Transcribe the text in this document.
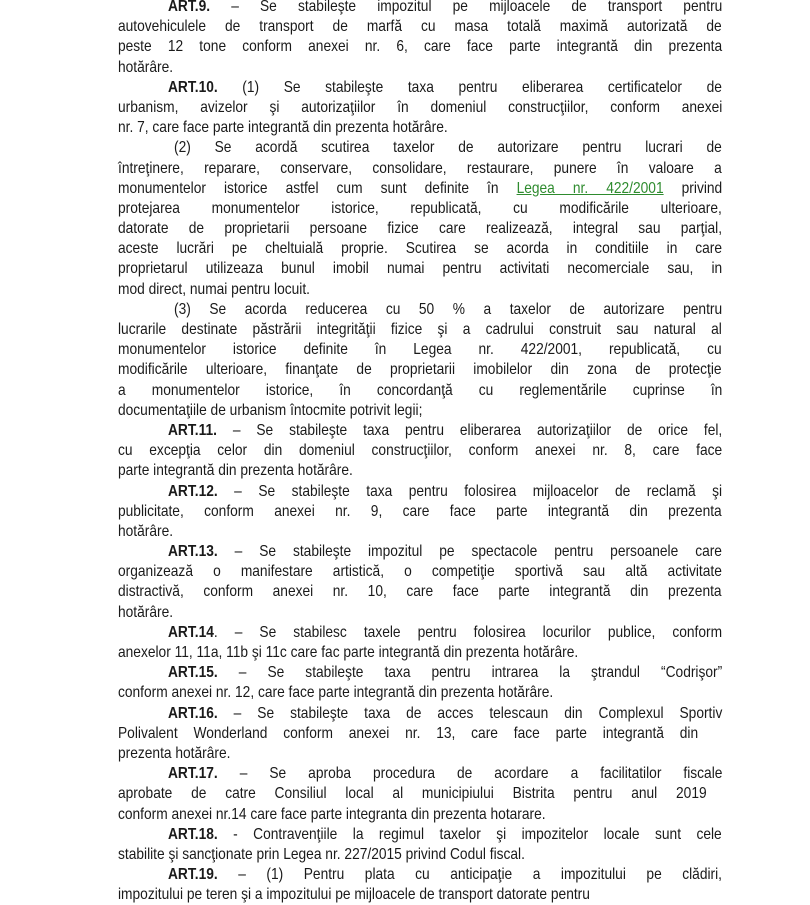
ART.9. – Se stabileşte impozitul pe mijloacele de transport pentru
autovehiculele de transport de marfă cu masa totală maximă autorizată de
peste 12 tone conform anexei nr. 6, care face parte integrantă din prezenta
hotărâre.
ART.10. (1) Se stabileşte taxa pentru eliberarea certificatelor de
urbanism, avizelor şi autorizaţiilor în domeniul construcţiilor, conform anexei
nr. 7, care face parte integrantă din prezenta hotărâre.
(2) Se acordă scutirea taxelor de autorizare pentru lucrari de
întreţinere, reparare, conservare, consolidare, restaurare, punere în valoare a
monumentelor istorice astfel cum sunt definite în Legea nr. 422/2001 privind
protejarea monumentelor istorice, republicată, cu modificările ulterioare,
datorate de proprietarii persoane fizice care realizează, integral sau parţial,
aceste lucrări pe cheltuială proprie. Scutirea se acorda in conditiile in care
proprietarul utilizeaza bunul imobil numai pentru activitati necomerciale sau, in
mod direct, numai pentru locuit.
(3) Se acorda reducerea cu 50 % a taxelor de autorizare pentru
lucrarile destinate păstrării integrităţii fizice şi a cadrului construit sau natural al
monumentelor istorice definite în Legea nr. 422/2001, republicată, cu
modificările ulterioare, finanţate de proprietarii imobilelor din zona de protecţie
a monumentelor istorice, în concordanţă cu reglementările cuprinse în
documentaţiile de urbanism întocmite potrivit legii;
ART.11. – Se stabileşte taxa pentru eliberarea autorizaţiilor de orice fel,
cu excepţia celor din domeniul construcţiilor, conform anexei nr. 8, care face
parte integrantă din prezenta hotărâre.
ART.12. – Se stabileşte taxa pentru folosirea mijloacelor de reclamă şi
publicitate, conform anexei nr. 9, care face parte integrantă din prezenta
hotărâre.
ART.13. – Se stabileşte impozitul pe spectacole pentru persoanele care
organizează o manifestare artistică, o competiţie sportivă sau altă activitate
distractivă, conform anexei nr. 10, care face parte integrantă din prezenta
hotărâre.
ART.14. – Se stabilesc taxele pentru folosirea locurilor publice, conform
anexelor 11, 11a, 11b şi 11c care fac parte integrantă din prezenta hotărâre.
ART.15. – Se stabileşte taxa pentru intrarea la ştrandul “Codrişor”
conform anexei nr. 12, care face parte integrantă din prezenta hotărâre.
ART.16. – Se stabileşte taxa de acces telescaun din Complexul Sportiv
Polivalent Wonderland conform anexei nr. 13, care face parte integrantă din
prezenta hotărâre.
ART.17. – Se aproba procedura de acordare a facilitatilor fiscale
aprobate de catre Consiliul local al municipiului Bistrita pentru anul 2019
conform anexei nr.14 care face parte integranta din prezenta hotarare.
ART.18. - Contravenţiile la regimul taxelor şi impozitelor locale sunt cele
stabilite şi sancţionate prin Legea nr. 227/2015 privind Codul fiscal.
ART.19. – (1) Pentru plata cu anticipaţie a impozitului pe clădiri,
impozitului pe teren şi a impozitului pe mijloacele de transport datorate pentru
